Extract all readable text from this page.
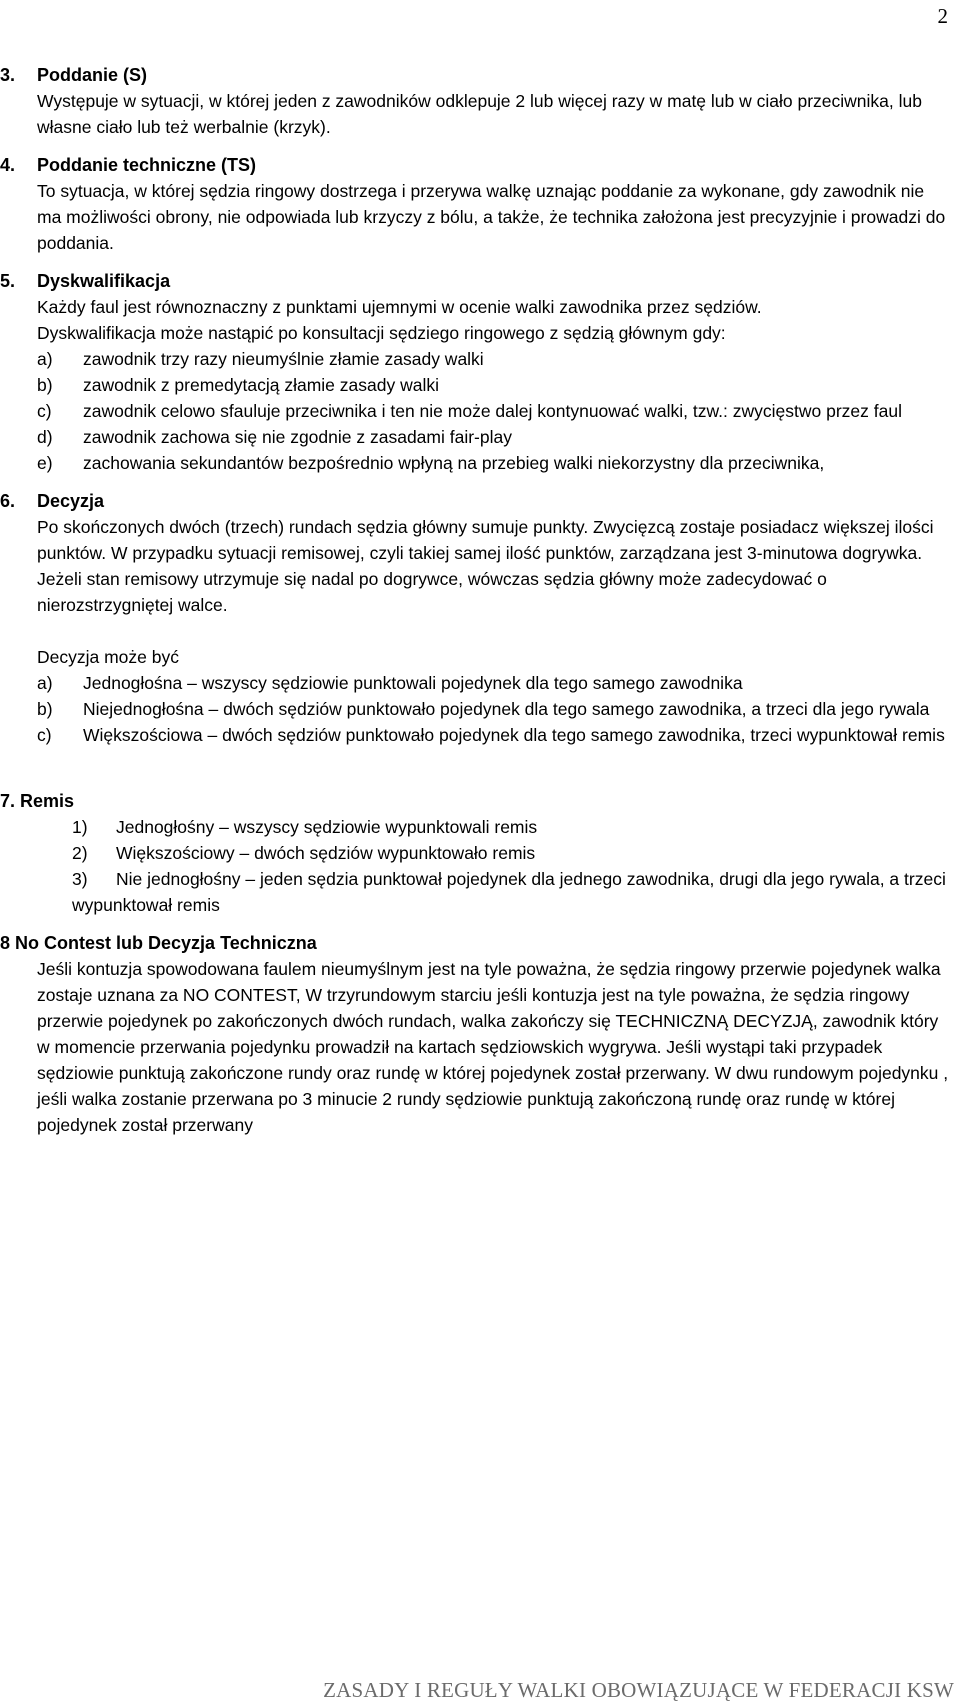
2
3. Poddanie (S)
Występuje w sytuacji, w której jeden z zawodników odklepuje 2 lub więcej razy w matę lub w ciało przeciwnika, lub własne ciało lub też werbalnie (krzyk).
4. Poddanie techniczne (TS)
To sytuacja, w której sędzia ringowy dostrzega i przerywa walkę uznając poddanie za wykonane, gdy zawodnik nie ma możliwości obrony, nie odpowiada lub krzyczy z bólu, a także, że technika założona jest precyzyjnie i prowadzi do poddania.
5. Dyskwalifikacja
Każdy faul jest równoznaczny z punktami ujemnymi w ocenie walki zawodnika przez sędziów.
Dyskwalifikacja może nastąpić po konsultacji sędziego ringowego z sędzią głównym gdy:
a)	zawodnik trzy razy nieumyślnie złamie zasady walki
b)	zawodnik z premedytacją złamie zasady walki
c)	zawodnik celowo sfauluje przeciwnika i ten nie może dalej kontynuować walki, tzw.: zwycięstwo przez faul
d)	zawodnik zachowa się nie zgodnie z zasadami fair-play
e)	zachowania sekundantów bezpośrednio wpłyną na przebieg walki niekorzystny dla przeciwnika,
6. Decyzja
Po skończonych dwóch (trzech) rundach sędzia główny sumuje punkty. Zwycięzcą zostaje posiadacz większej ilości punktów. W przypadku sytuacji remisowej, czyli takiej samej ilość punktów, zarządzana jest 3-minutowa dogrywka. Jeżeli stan remisowy utrzymuje się nadal po dogrywce, wówczas sędzia główny może zadecydować o nierozstrzygniętej walce.
Decyzja może być
a)	Jednogłośna – wszyscy sędziowie punktowali pojedynek dla tego samego zawodnika
b)	Niejednogłośna – dwóch sędziów punktowało pojedynek dla tego samego zawodnika, a trzeci dla jego rywala
c)	Większościowa – dwóch sędziów punktowało pojedynek dla tego samego zawodnika, trzeci wypunktował remis
7. Remis
1)	Jednogłośny – wszyscy sędziowie wypunktowali remis
2)	Większościowy – dwóch sędziów wypunktowało remis
3) Nie jednogłośny – jeden sędzia punktował pojedynek dla jednego zawodnika, drugi dla jego rywala, a trzeci wypunktował remis
8 No Contest lub Decyzja Techniczna
Jeśli kontuzja spowodowana faulem nieumyślnym jest na tyle poważna, że sędzia ringowy przerwie pojedynek walka zostaje uznana za NO CONTEST, W trzyrundowym starciu jeśli kontuzja jest na tyle poważna, że sędzia ringowy przerwie pojedynek po zakończonych dwóch rundach, walka zakończy się TECHNICZNĄ DECYZJĄ, zawodnik który w momencie przerwania pojedynku prowadził na kartach sędziowskich wygrywa. Jeśli wystąpi taki przypadek sędziowie punktują zakończone rundy oraz rundę w której pojedynek został przerwany. W dwu rundowym pojedynku , jeśli walka zostanie przerwana po 3 minucie 2 rundy sędziowie punktują zakończoną rundę oraz rundę w której pojedynek został przerwany
ZASADY I REGUŁY WALKI OBOWIĄZUJĄCE W FEDERACJI KSW
